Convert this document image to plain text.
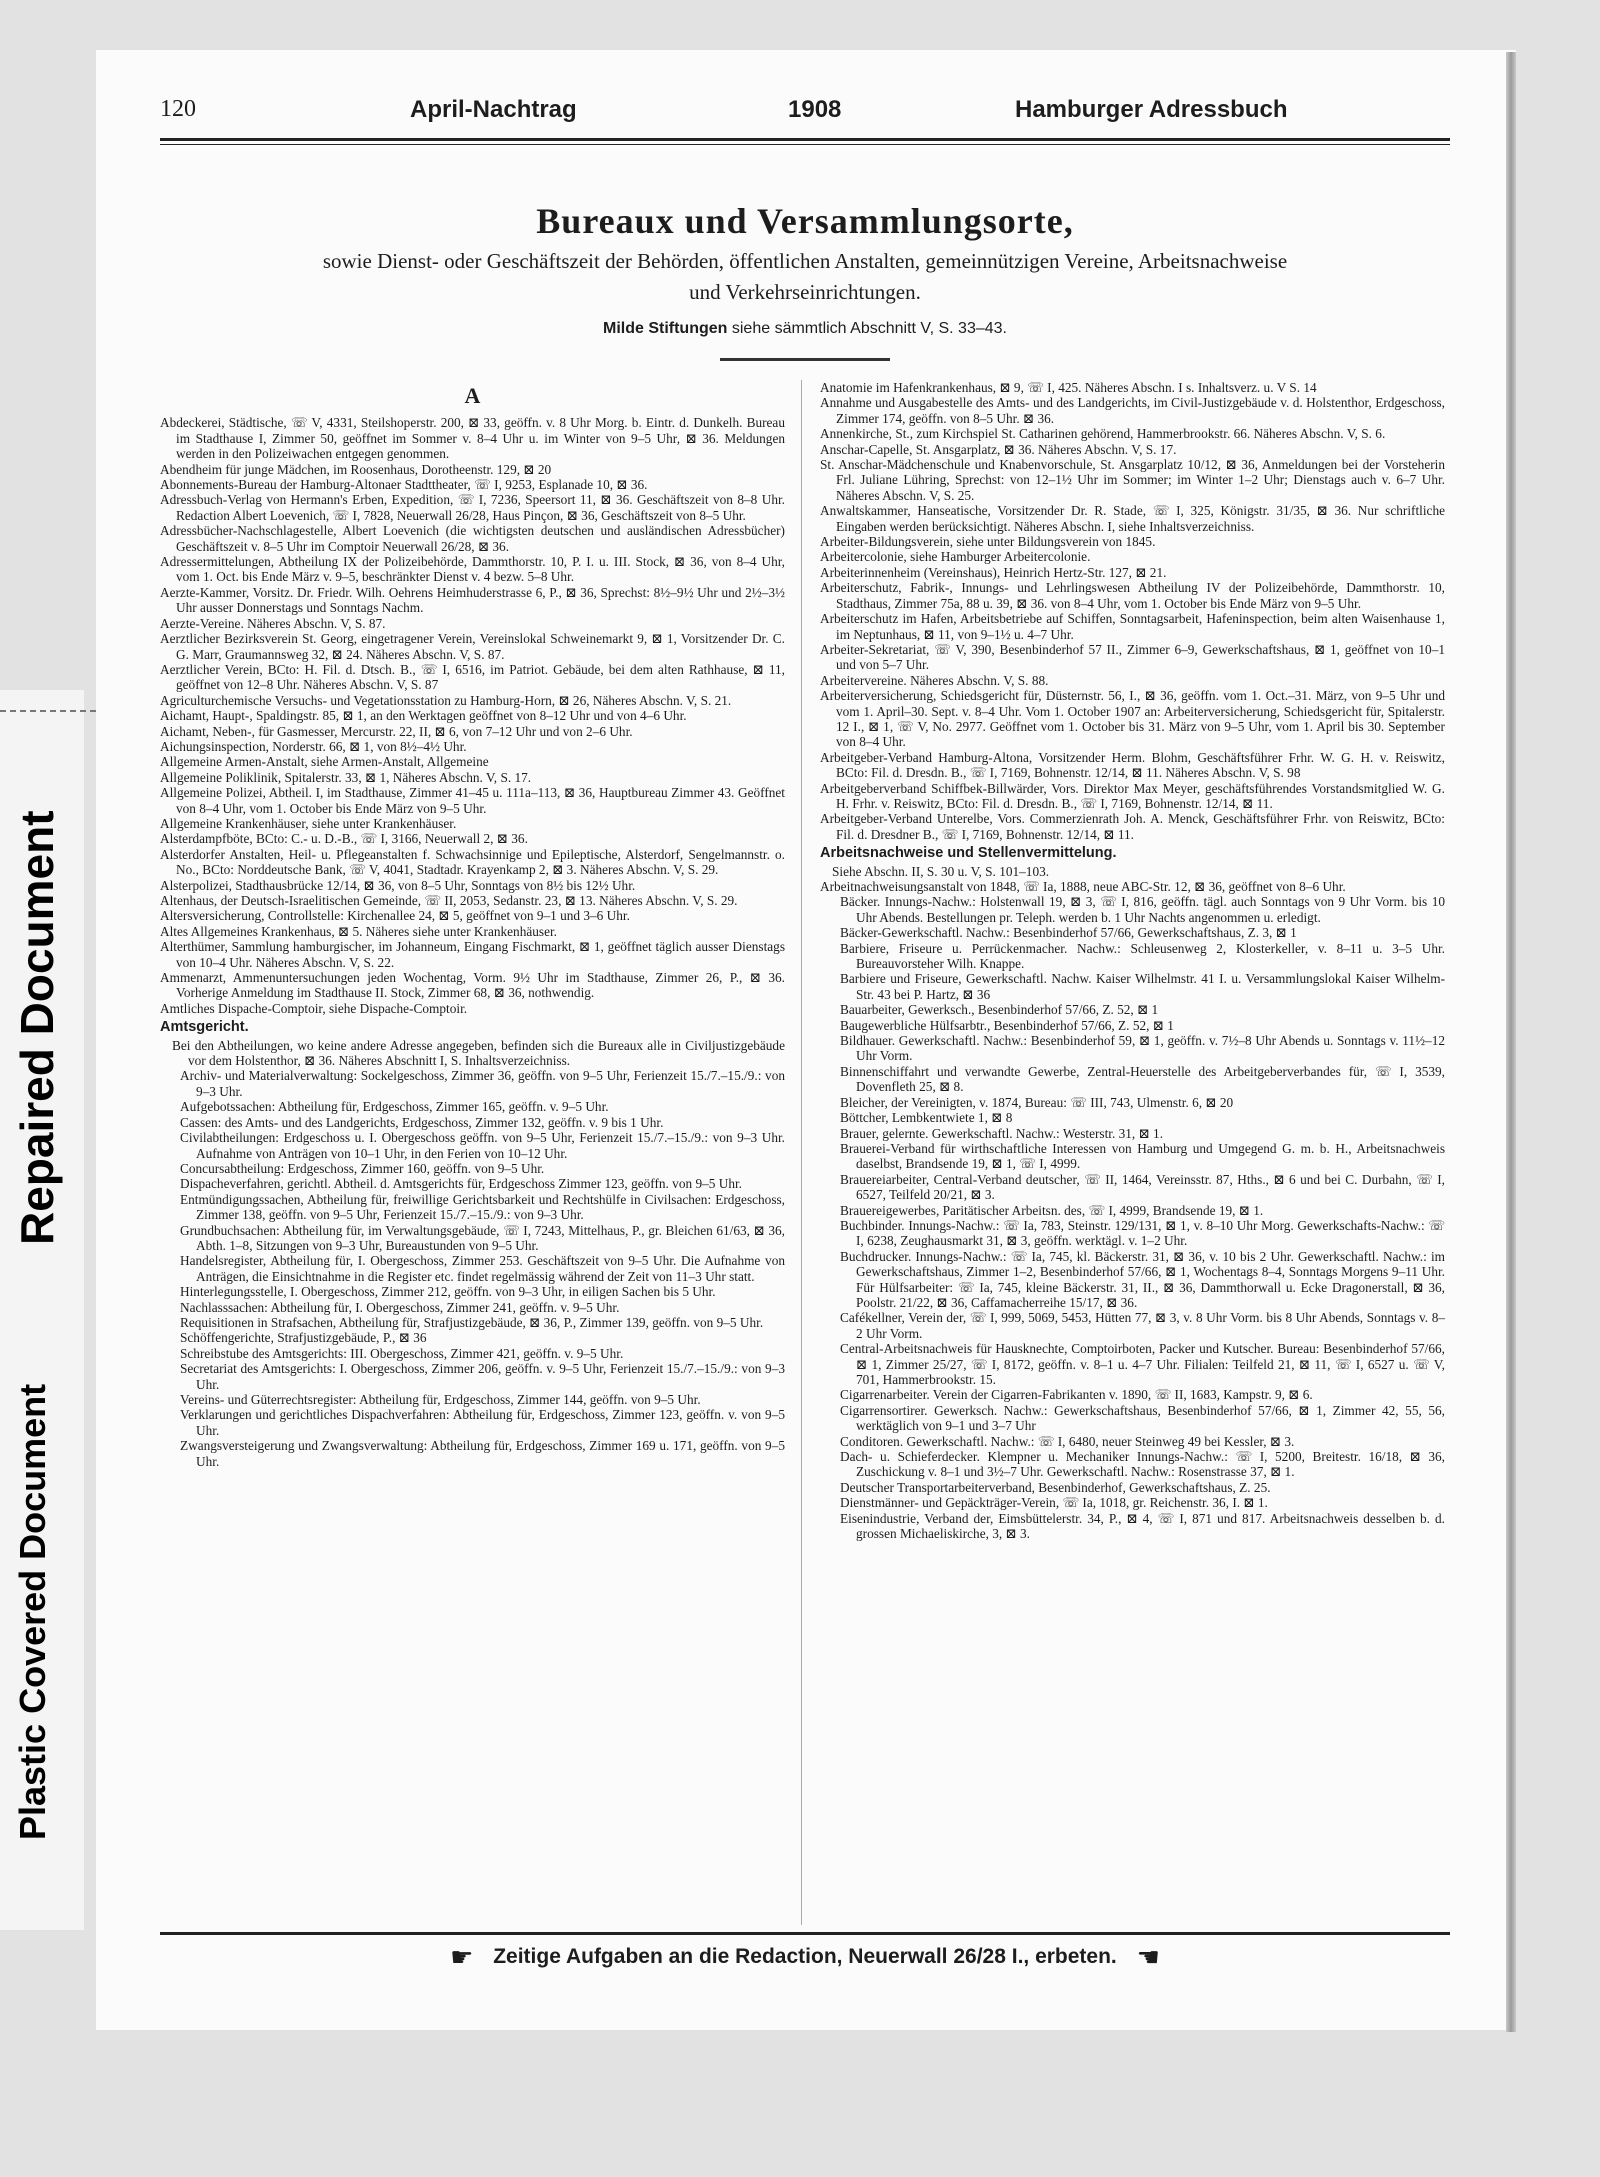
Repaired Document
Plastic Covered Document
120	April-Nachtrag	1908	Hamburger Adressbuch
Bureaux und Versammlungsorte,
sowie Dienst- oder Geschäftszeit der Behörden, öffentlichen Anstalten, gemeinnützigen Vereine, Arbeitsnachweise
und Verkehrseinrichtungen.
Milde Stiftungen siehe sämmtlich Abschnitt V, S. 33–43.
A

Abdeckerei, Städtische, ☏ V, 4331, Steilshoperstr. 200, ⊠ 33, geöffn. v. 8 Uhr Morg. b. Eintr. d. Dunkelh. Bureau im Stadthause I, Zimmer 50, geöffnet im Sommer v. 8–4 Uhr u. im Winter von 9–5 Uhr, ⊠ 36. Meldungen werden in den Polizeiwachen entgegen genommen.

Abendheim für junge Mädchen, im Roosenhaus, Dorotheenstr. 129, ⊠ 20

Abonnements-Bureau der Hamburg-Altonaer Stadttheater, ☏ I, 9253, Esplanade 10, ⊠ 36.

Adressbuch-Verlag von Hermann's Erben, Expedition, ☏ I, 7236, Speersort 11, ⊠ 36. Geschäftszeit von 8–8 Uhr. Redaction Albert Loevenich, ☏ I, 7828, Neuerwall 26/28, Haus Pinçon, ⊠ 36, Geschäftszeit von 8–5 Uhr.

Adressbücher-Nachschlagestelle, Albert Loevenich (die wichtigsten deutschen und ausländischen Adressbücher) Geschäftszeit v. 8–5 Uhr im Comptoir Neuerwall 26/28, ⊠ 36.

Adressermittelungen, Abtheilung IX der Polizeibehörde, Dammthorstr. 10, P. I. u. III. Stock, ⊠ 36, von 8–4 Uhr, vom 1. Oct. bis Ende März v. 9–5, beschränkter Dienst v. 4 bezw. 5–8 Uhr.

Aerzte-Kammer, Vorsitz. Dr. Friedr. Wilh. Oehrens Heimhuderstrasse 6, P., ⊠ 36, Sprechst: 8½–9½ Uhr und 2½–3½ Uhr ausser Donnerstags und Sonntags Nachm.

Aerzte-Vereine. Näheres Abschn. V, S. 87.

Aerztlicher Bezirksverein St. Georg, eingetragener Verein, Vereinslokal Schweinemarkt 9, ⊠ 1, Vorsitzender Dr. C. G. Marr, Graumannsweg 32, ⊠ 24. Näheres Abschn. V, S. 87.

Aerztlicher Verein, BCto: H. Fil. d. Dtsch. B., ☏ I, 6516, im Patriot. Gebäude, bei dem alten Rathhause, ⊠ 11, geöffnet von 12–8 Uhr. Näheres Abschn. V, S. 87

Agriculturchemische Versuchs- und Vegetationsstation zu Hamburg-Horn, ⊠ 26, Näheres Abschn. V, S. 21.

Aichamt, Haupt-, Spaldingstr. 85, ⊠ 1, an den Werktagen geöffnet von 8–12 Uhr und von 4–6 Uhr.

Aichamt, Neben-, für Gasmesser, Mercurstr. 22, II, ⊠ 6, von 7–12 Uhr und von 2–6 Uhr.

Aichungsinspection, Norderstr. 66, ⊠ 1, von 8½–4½ Uhr.

Allgemeine Armen-Anstalt, siehe Armen-Anstalt, Allgemeine

Allgemeine Poliklinik, Spitalerstr. 33, ⊠ 1, Näheres Abschn. V, S. 17.

Allgemeine Polizei, Abtheil. I, im Stadthause, Zimmer 41–45 u. 111a–113, ⊠ 36, Hauptbureau Zimmer 43. Geöffnet von 8–4 Uhr, vom 1. October bis Ende März von 9–5 Uhr.

Allgemeine Krankenhäuser, siehe unter Krankenhäuser.

Alsterdampfböte, BCto: C.- u. D.-B., ☏ I, 3166, Neuerwall 2, ⊠ 36.

Alsterdorfer Anstalten, Heil- u. Pflegeanstalten f. Schwachsinnige und Epileptische, Alsterdorf, Sengelmannstr. o. No., BCto: Norddeutsche Bank, ☏ V, 4041, Stadtadr. Krayenkamp 2, ⊠ 3. Näheres Abschn. V, S. 29.

Alsterpolizei, Stadthausbrücke 12/14, ⊠ 36, von 8–5 Uhr, Sonntags von 8½ bis 12½ Uhr.

Altenhaus, der Deutsch-Israelitischen Gemeinde, ☏ II, 2053, Sedanstr. 23, ⊠ 13. Näheres Abschn. V, S. 29.

Altersversicherung, Controllstelle: Kirchenallee 24, ⊠ 5, geöffnet von 9–1 und 3–6 Uhr.

Altes Allgemeines Krankenhaus, ⊠ 5. Näheres siehe unter Krankenhäuser.

Alterthümer, Sammlung hamburgischer, im Johanneum, Eingang Fischmarkt, ⊠ 1, geöffnet täglich ausser Dienstags von 10–4 Uhr. Näheres Abschn. V, S. 22.

Ammenarzt, Ammenuntersuchungen jeden Wochentag, Vorm. 9½ Uhr im Stadthause, Zimmer 26, P., ⊠ 36. Vorherige Anmeldung im Stadthause II. Stock, Zimmer 68, ⊠ 36, nothwendig.

Amtliches Dispache-Comptoir, siehe Dispache-Comptoir.

Amtsgericht.

Bei den Abtheilungen, wo keine andere Adresse angegeben, befinden sich die Bureaux alle in Civiljustizgebäude vor dem Holstenthor, ⊠ 36. Näheres Abschnitt I, S. Inhaltsverzeichniss.

Archiv- und Materialverwaltung: Sockelgeschoss, Zimmer 36, geöffn. von 9–5 Uhr, Ferienzeit 15./7.–15./9.: von 9–3 Uhr.

Aufgebotssachen: Abtheilung für, Erdgeschoss, Zimmer 165, geöffn. v. 9–5 Uhr.

Cassen: des Amts- und des Landgerichts, Erdgeschoss, Zimmer 132, geöffn. v. 9 bis 1 Uhr.

Civilabtheilungen: Erdgeschoss u. I. Obergeschoss geöffn. von 9–5 Uhr, Ferienzeit 15./7.–15./9.: von 9–3 Uhr. Aufnahme von Anträgen von 10–1 Uhr, in den Ferien von 10–12 Uhr.

Concursabtheilung: Erdgeschoss, Zimmer 160, geöffn. von 9–5 Uhr.

Dispacheverfahren, gerichtl. Abtheil. d. Amtsgerichts für, Erdgeschoss Zimmer 123, geöffn. von 9–5 Uhr.

Entmündigungssachen, Abtheilung für, freiwillige Gerichtsbarkeit und Rechtshülfe in Civilsachen: Erdgeschoss, Zimmer 138, geöffn. von 9–5 Uhr, Ferienzeit 15./7.–15./9.: von 9–3 Uhr.

Grundbuchsachen: Abtheilung für, im Verwaltungsgebäude, ☏ I, 7243, Mittelhaus, P., gr. Bleichen 61/63, ⊠ 36, Abth. 1–8, Sitzungen von 9–3 Uhr, Bureaustunden von 9–5 Uhr.

Handelsregister, Abtheilung für, I. Obergeschoss, Zimmer 253. Geschäftszeit von 9–5 Uhr. Die Aufnahme von Anträgen, die Einsichtnahme in die Register etc. findet regelmässig während der Zeit von 11–3 Uhr statt.

Hinterlegungsstelle, I. Obergeschoss, Zimmer 212, geöffn. von 9–3 Uhr, in eiligen Sachen bis 5 Uhr.

Nachlasssachen: Abtheilung für, I. Obergeschoss, Zimmer 241, geöffn. v. 9–5 Uhr.

Requisitionen in Strafsachen, Abtheilung für, Strafjustizgebäude, ⊠ 36, P., Zimmer 139, geöffn. von 9–5 Uhr.

Schöffengerichte, Strafjustizgebäude, P., ⊠ 36

Schreibstube des Amtsgerichts: III. Obergeschoss, Zimmer 421, geöffn. v. 9–5 Uhr.

Secretariat des Amtsgerichts: I. Obergeschoss, Zimmer 206, geöffn. v. 9–5 Uhr, Ferienzeit 15./7.–15./9.: von 9–3 Uhr.

Vereins- und Güterrechtsregister: Abtheilung für, Erdgeschoss, Zimmer 144, geöffn. von 9–5 Uhr.

Verklarungen und gerichtliches Dispachverfahren: Abtheilung für, Erdgeschoss, Zimmer 123, geöffn. v. von 9–5 Uhr.

Zwangsversteigerung und Zwangsverwaltung: Abtheilung für, Erdgeschoss, Zimmer 169 u. 171, geöffn. von 9–5 Uhr.

Anatomie im Hafenkrankenhaus, ⊠ 9, ☏ I, 425. Näheres Abschn. I s. Inhaltsverz. u. V S. 14

Annahme und Ausgabestelle des Amts- und des Landgerichts, im Civil-Justizgebäude v. d. Holstenthor, Erdgeschoss, Zimmer 174, geöffn. von 8–5 Uhr. ⊠ 36.

Annenkirche, St., zum Kirchspiel St. Catharinen gehörend, Hammerbrookstr. 66. Näheres Abschn. V, S. 6.

Anschar-Capelle, St. Ansgarplatz, ⊠ 36. Näheres Abschn. V, S. 17.

St. Anschar-Mädchenschule und Knabenvorschule, St. Ansgarplatz 10/12, ⊠ 36, Anmeldungen bei der Vorsteherin Frl. Juliane Lühring, Sprechst: von 12–1½ Uhr im Sommer; im Winter 1–2 Uhr; Dienstags auch v. 6–7 Uhr. Näheres Abschn. V, S. 25.

Anwaltskammer, Hanseatische, Vorsitzender Dr. R. Stade, ☏ I, 325, Königstr. 31/35, ⊠ 36. Nur schriftliche Eingaben werden berücksichtigt. Näheres Abschn. I, siehe Inhaltsverzeichniss.

Arbeiter-Bildungsverein, siehe unter Bildungsverein von 1845.

Arbeitercolonie, siehe Hamburger Arbeitercolonie.

Arbeiterinnenheim (Vereinshaus), Heinrich Hertz-Str. 127, ⊠ 21.

Arbeiterschutz, Fabrik-, Innungs- und Lehrlingswesen Abtheilung IV der Polizeibehörde, Dammthorstr. 10, Stadthaus, Zimmer 75a, 88 u. 39, ⊠ 36. von 8–4 Uhr, vom 1. October bis Ende März von 9–5 Uhr.

Arbeiterschutz im Hafen, Arbeitsbetriebe auf Schiffen, Sonntagsarbeit, Hafeninspection, beim alten Waisenhause 1, im Neptunhaus, ⊠ 11, von 9–1½ u. 4–7 Uhr.

Arbeiter-Sekretariat, ☏ V, 390, Besenbinderhof 57 II., Zimmer 6–9, Gewerkschaftshaus, ⊠ 1, geöffnet von 10–1 und von 5–7 Uhr.

Arbeitervereine. Näheres Abschn. V, S. 88.

Arbeiterversicherung, Schiedsgericht für, Düsternstr. 56, I., ⊠ 36, geöffn. vom 1. Oct.–31. März, von 9–5 Uhr und vom 1. April–30. Sept. v. 8–4 Uhr. Vom 1. October 1907 an: Arbeiterversicherung, Schiedsgericht für, Spitalerstr. 12 I., ⊠ 1, ☏ V, No. 2977. Geöffnet vom 1. October bis 31. März von 9–5 Uhr, vom 1. April bis 30. September von 8–4 Uhr.

Arbeitgeber-Verband Hamburg-Altona, Vorsitzender Herm. Blohm, Geschäftsführer Frhr. W. G. H. v. Reiswitz, BCto: Fil. d. Dresdn. B., ☏ I, 7169, Bohnenstr. 12/14, ⊠ 11. Näheres Abschn. V, S. 98

Arbeitgeberverband Schiffbek-Billwärder, Vors. Direktor Max Meyer, geschäftsführendes Vorstandsmitglied W. G. H. Frhr. v. Reiswitz, BCto: Fil. d. Dresdn. B., ☏ I, 7169, Bohnenstr. 12/14, ⊠ 11.

Arbeitgeber-Verband Unterelbe, Vors. Commerzienrath Joh. A. Menck, Geschäftsführer Frhr. von Reiswitz, BCto: Fil. d. Dresdner B., ☏ I, 7169, Bohnenstr. 12/14, ⊠ 11.

Arbeitsnachweise und Stellenvermittelung.

Siehe Abschn. II, S. 30 u. V, S. 101–103.

Arbeitnachweisungsanstalt von 1848, ☏ Ia, 1888, neue ABC-Str. 12, ⊠ 36, geöffnet von 8–6 Uhr.

Bäcker. Innungs-Nachw.: Holstenwall 19, ⊠ 3, ☏ I, 816, geöffn. tägl. auch Sonntags von 9 Uhr Vorm. bis 10 Uhr Abends. Bestellungen pr. Teleph. werden b. 1 Uhr Nachts angenommen u. erledigt.

Bäcker-Gewerkschaftl. Nachw.: Besenbinderhof 57/66, Gewerkschaftshaus, Z. 3, ⊠ 1

Barbiere, Friseure u. Perrückenmacher. Nachw.: Schleusenweg 2, Klosterkeller, v. 8–11 u. 3–5 Uhr. Bureauvorsteher Wilh. Knappe.

Barbiere und Friseure, Gewerkschaftl. Nachw. Kaiser Wilhelmstr. 41 I. u. Versammlungslokal Kaiser Wilhelm-Str. 43 bei P. Hartz, ⊠ 36

Bauarbeiter, Gewerksch., Besenbinderhof 57/66, Z. 52, ⊠ 1

Baugewerbliche Hülfsarbtr., Besenbinderhof 57/66, Z. 52, ⊠ 1

Bildhauer. Gewerkschaftl. Nachw.: Besenbinderhof 59, ⊠ 1, geöffn. v. 7½–8 Uhr Abends u. Sonntags v. 11½–12 Uhr Vorm.

Binnenschiffahrt und verwandte Gewerbe, Zentral-Heuerstelle des Arbeitgeberverbandes für, ☏ I, 3539, Dovenfleth 25, ⊠ 8.

Bleicher, der Vereinigten, v. 1874, Bureau: ☏ III, 743, Ulmenstr. 6, ⊠ 20

Böttcher, Lembkentwiete 1, ⊠ 8

Brauer, gelernte. Gewerkschaftl. Nachw.: Westerstr. 31, ⊠ 1.

Brauerei-Verband für wirthschaftliche Interessen von Hamburg und Umgegend G. m. b. H., Arbeitsnachweis daselbst, Brandsende 19, ⊠ 1, ☏ I, 4999.

Brauereiarbeiter, Central-Verband deutscher, ☏ II, 1464, Vereinsstr. 87, Hths., ⊠ 6 und bei C. Durbahn, ☏ I, 6527, Teilfeld 20/21, ⊠ 3.

Brauereigewerbes, Paritätischer Arbeitsn. des, ☏ I, 4999, Brandsende 19, ⊠ 1.

Buchbinder. Innungs-Nachw.: ☏ Ia, 783, Steinstr. 129/131, ⊠ 1, v. 8–10 Uhr Morg. Gewerkschafts-Nachw.: ☏ I, 6238, Zeughausmarkt 31, ⊠ 3, geöffn. werktägl. v. 1–2 Uhr.

Buchdrucker. Innungs-Nachw.: ☏ Ia, 745, kl. Bäckerstr. 31, ⊠ 36, v. 10 bis 2 Uhr. Gewerkschaftl. Nachw.: im Gewerkschaftshaus, Zimmer 1–2, Besenbinderhof 57/66, ⊠ 1, Wochentags 8–4, Sonntags Morgens 9–11 Uhr. Für Hülfsarbeiter: ☏ Ia, 745, kleine Bäckerstr. 31, II., ⊠ 36, Dammthorwall u. Ecke Dragonerstall, ⊠ 36, Poolstr. 21/22, ⊠ 36, Caffamacherreihe 15/17, ⊠ 36.

Cafékellner, Verein der, ☏ I, 999, 5069, 5453, Hütten 77, ⊠ 3, v. 8 Uhr Vorm. bis 8 Uhr Abends, Sonntags v. 8–2 Uhr Vorm.

Central-Arbeitsnachweis für Hausknechte, Comptoirboten, Packer und Kutscher. Bureau: Besenbinderhof 57/66, ⊠ 1, Zimmer 25/27, ☏ I, 8172, geöffn. v. 8–1 u. 4–7 Uhr. Filialen: Teilfeld 21, ⊠ 11, ☏ I, 6527 u. ☏ V, 701, Hammerbrookstr. 15.

Cigarrenarbeiter. Verein der Cigarren-Fabrikanten v. 1890, ☏ II, 1683, Kampstr. 9, ⊠ 6.

Cigarrensortirer. Gewerksch. Nachw.: Gewerkschaftshaus, Besenbinderhof 57/66, ⊠ 1, Zimmer 42, 55, 56, werktäglich von 9–1 und 3–7 Uhr

Conditoren. Gewerkschaftl. Nachw.: ☏ I, 6480, neuer Steinweg 49 bei Kessler, ⊠ 3.

Dach- u. Schieferdecker. Klempner u. Mechaniker Innungs-Nachw.: ☏ I, 5200, Breitestr. 16/18, ⊠ 36, Zuschickung v. 8–1 und 3½–7 Uhr. Gewerkschaftl. Nachw.: Rosenstrasse 37, ⊠ 1.

Deutscher Transportarbeiterverband, Besenbinderhof, Gewerkschaftshaus, Z. 25.

Dienstmänner- und Gepäckträger-Verein, ☏ Ia, 1018, gr. Reichenstr. 36, I. ⊠ 1.

Eisenindustrie, Verband der, Eimsbüttelerstr. 34, P., ⊠ 4, ☏ I, 871 und 817. Arbeitsnachweis desselben b. d. grossen Michaeliskirche, 3, ⊠ 3.

☛ Zeitige Aufgaben an die Redaction, Neuerwall 26/28 I., erbeten. ☚
